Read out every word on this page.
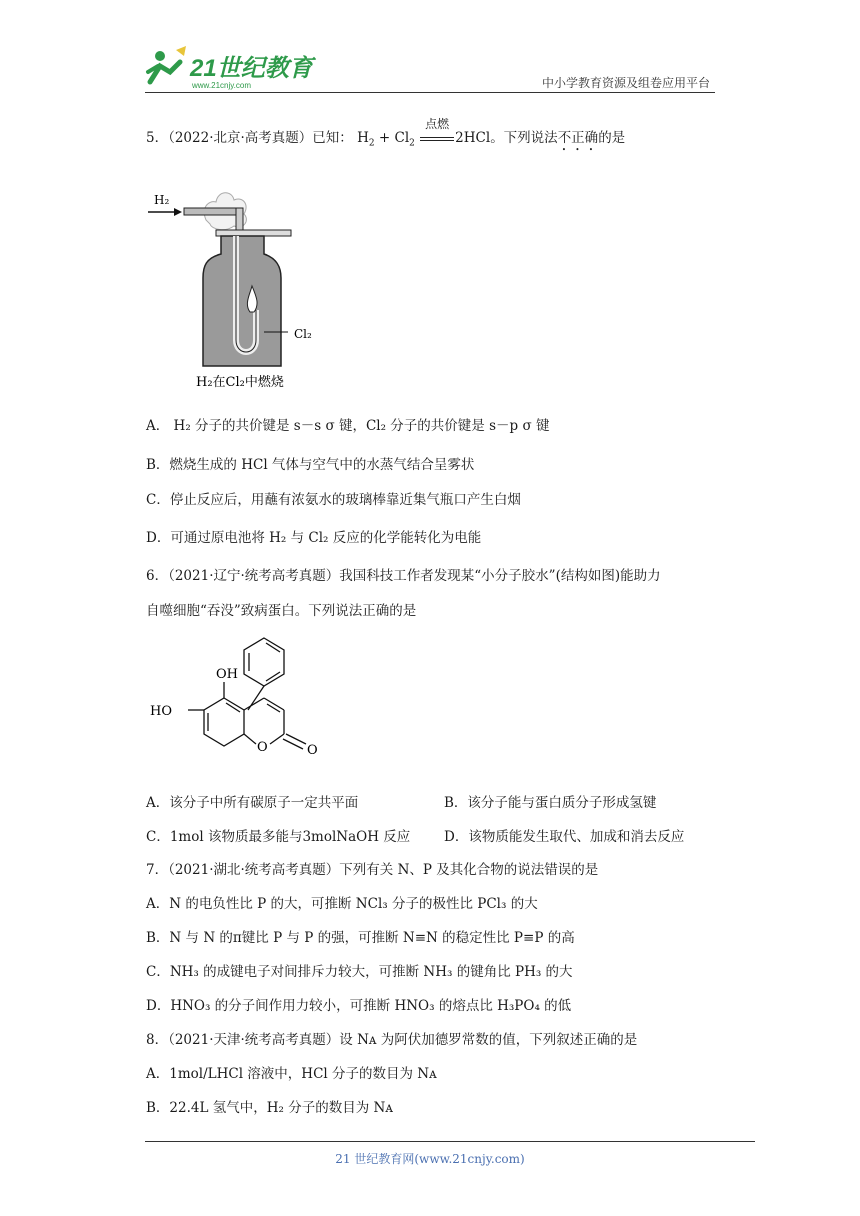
21世纪教育
www.21cnjy.com	中小学教育资源及组卷应用平台
5．（2022·北京·高考真题）已知： $H_2 + Cl_2$
点燃
2HCl。下列说法不正确的是
H₂
Cl₂
H₂在Cl₂中燃烧
A． H₂ 分子的共价键是 s－s σ 键，Cl₂ 分子的共价键是 s－p σ 键
B．燃烧生成的 HCl 气体与空气中的水蒸气结合呈雾状
C．停止反应后，用蘸有浓氨水的玻璃棒靠近集气瓶口产生白烟
D．可通过原电池将 H₂ 与 Cl₂ 反应的化学能转化为电能
6．（2021·辽宁·统考高考真题）我国科技工作者发现某“小分子胶水”(结构如图)能助力
自噬细胞“吞没”致病蛋白。下列说法正确的是
OH
HO
O	O
A．该分子中所有碳原子一定共平面	B．该分子能与蛋白质分子形成氢键
C．1mol 该物质最多能与3molNaOH 反应 D．该物质能发生取代、加成和消去反应
7．（2021·湖北·统考高考真题）下列有关 N、P 及其化合物的说法错误的是
A．N 的电负性比 P 的大，可推断 NCl₃ 分子的极性比 PCl₃ 的大
B．N 与 N 的π键比 P 与 P 的强，可推断 N≡N 的稳定性比 P≡P 的高
C．NH₃ 的成键电子对间排斥力较大，可推断 NH₃ 的键角比 PH₃ 的大
D．HNO₃ 的分子间作用力较小，可推断 HNO₃ 的熔点比 H₃PO₄ 的低
8．（2021·天津·统考高考真题）设 Nᴀ 为阿伏加德罗常数的值，下列叙述正确的是
A．1mol/LHCl 溶液中，HCl 分子的数目为 Nᴀ
B．22.4L 氢气中，H₂ 分子的数目为 Nᴀ
21 世纪教育网(www.21cnjy.com)
